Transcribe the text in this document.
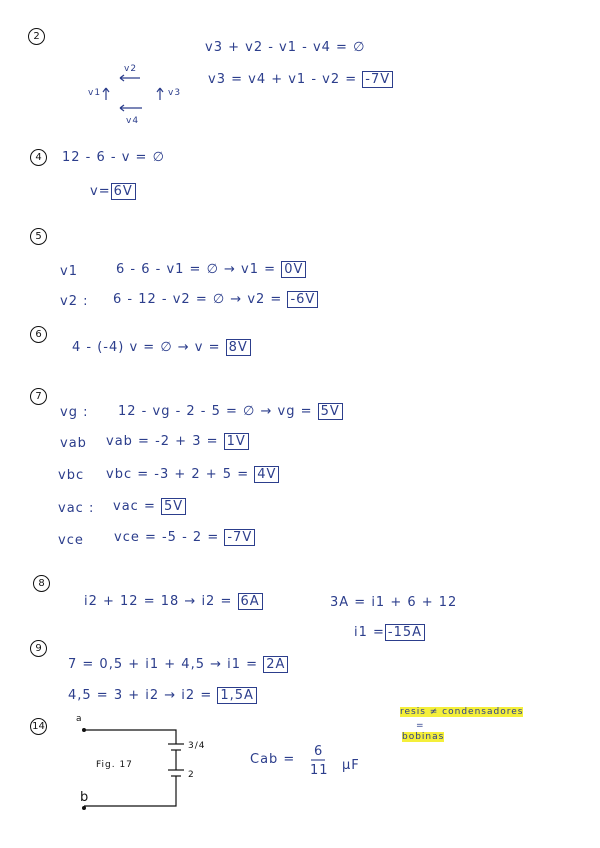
2
v2
v1	v3
v4
v3 + v2 - v1 - v4 = ∅
v3 = v4 + v1 - v2 = -7V
4	12 - 6 - v = ∅
v= 6V
5
v1	6 - 6 - v1 = ∅ → v1 = 0V
v2 : 6 - 12 - v2 = ∅ → v2 = -6V
6
4 - (-4) v = ∅ → v = 8V
7
vg : 12 - vg - 2 - 5 = ∅ → vg = 5V
vab vab = -2 + 3 = 1V
vbc vbc = -3 + 2 + 5 = 4V
vac : vac = 5V
vce vce = -5 - 2 = -7V
8
i2 + 12 = 18 → i2 = 6A	3A = i1 + 6 + 12
i1 = -15A
9
7 = 0,5 + i1 + 4,5 → i1 = 2A
4,5 = 3 + i2 → i2 = 1,5A
14
a
b
Fig. 17
3/4
2
Cab =
6
11 μF
resis ≠ condensadores
=
bobinas
